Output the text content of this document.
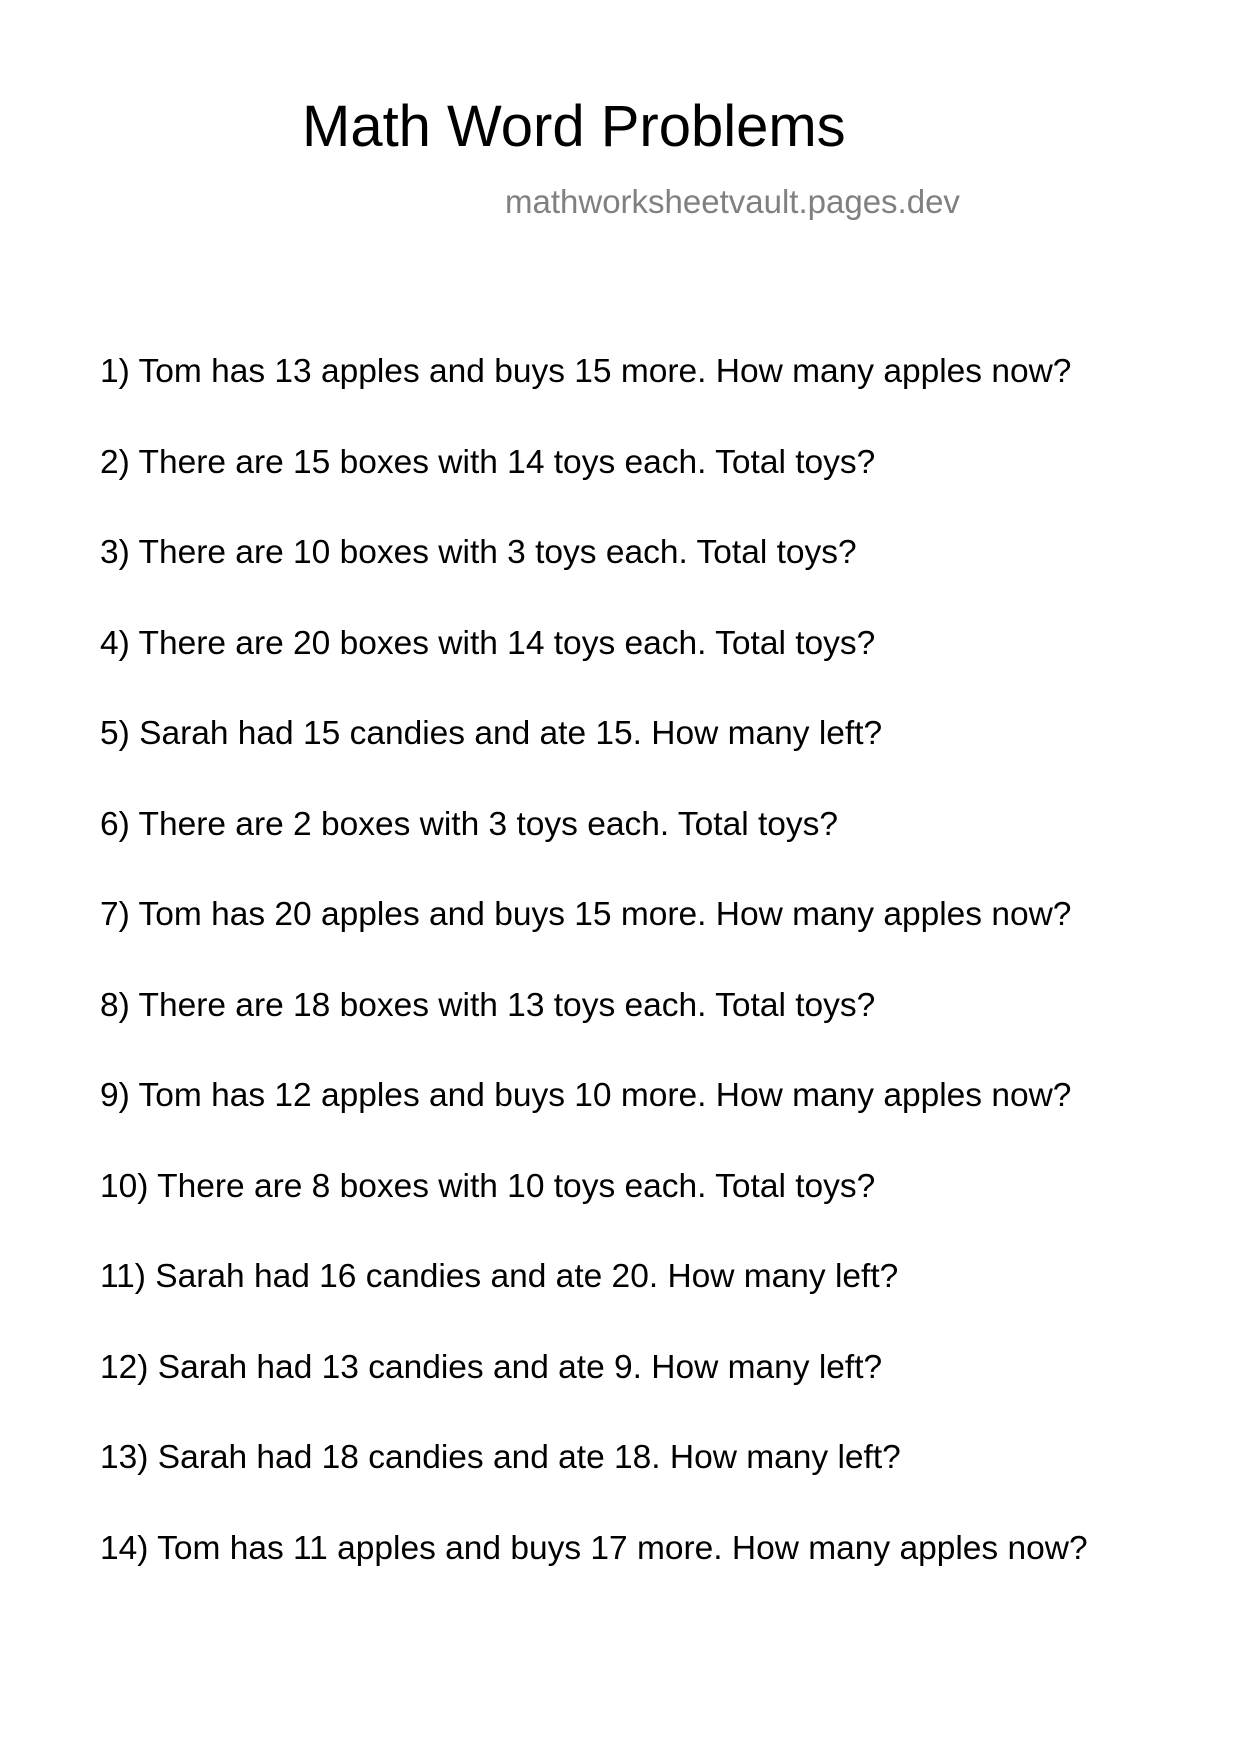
Math Word Problems
mathworksheetvault.pages.dev
1) Tom has 13 apples and buys 15 more. How many apples now?
2) There are 15 boxes with 14 toys each. Total toys?
3) There are 10 boxes with 3 toys each. Total toys?
4) There are 20 boxes with 14 toys each. Total toys?
5) Sarah had 15 candies and ate 15. How many left?
6) There are 2 boxes with 3 toys each. Total toys?
7) Tom has 20 apples and buys 15 more. How many apples now?
8) There are 18 boxes with 13 toys each. Total toys?
9) Tom has 12 apples and buys 10 more. How many apples now?
10) There are 8 boxes with 10 toys each. Total toys?
11) Sarah had 16 candies and ate 20. How many left?
12) Sarah had 13 candies and ate 9. How many left?
13) Sarah had 18 candies and ate 18. How many left?
14) Tom has 11 apples and buys 17 more. How many apples now?
